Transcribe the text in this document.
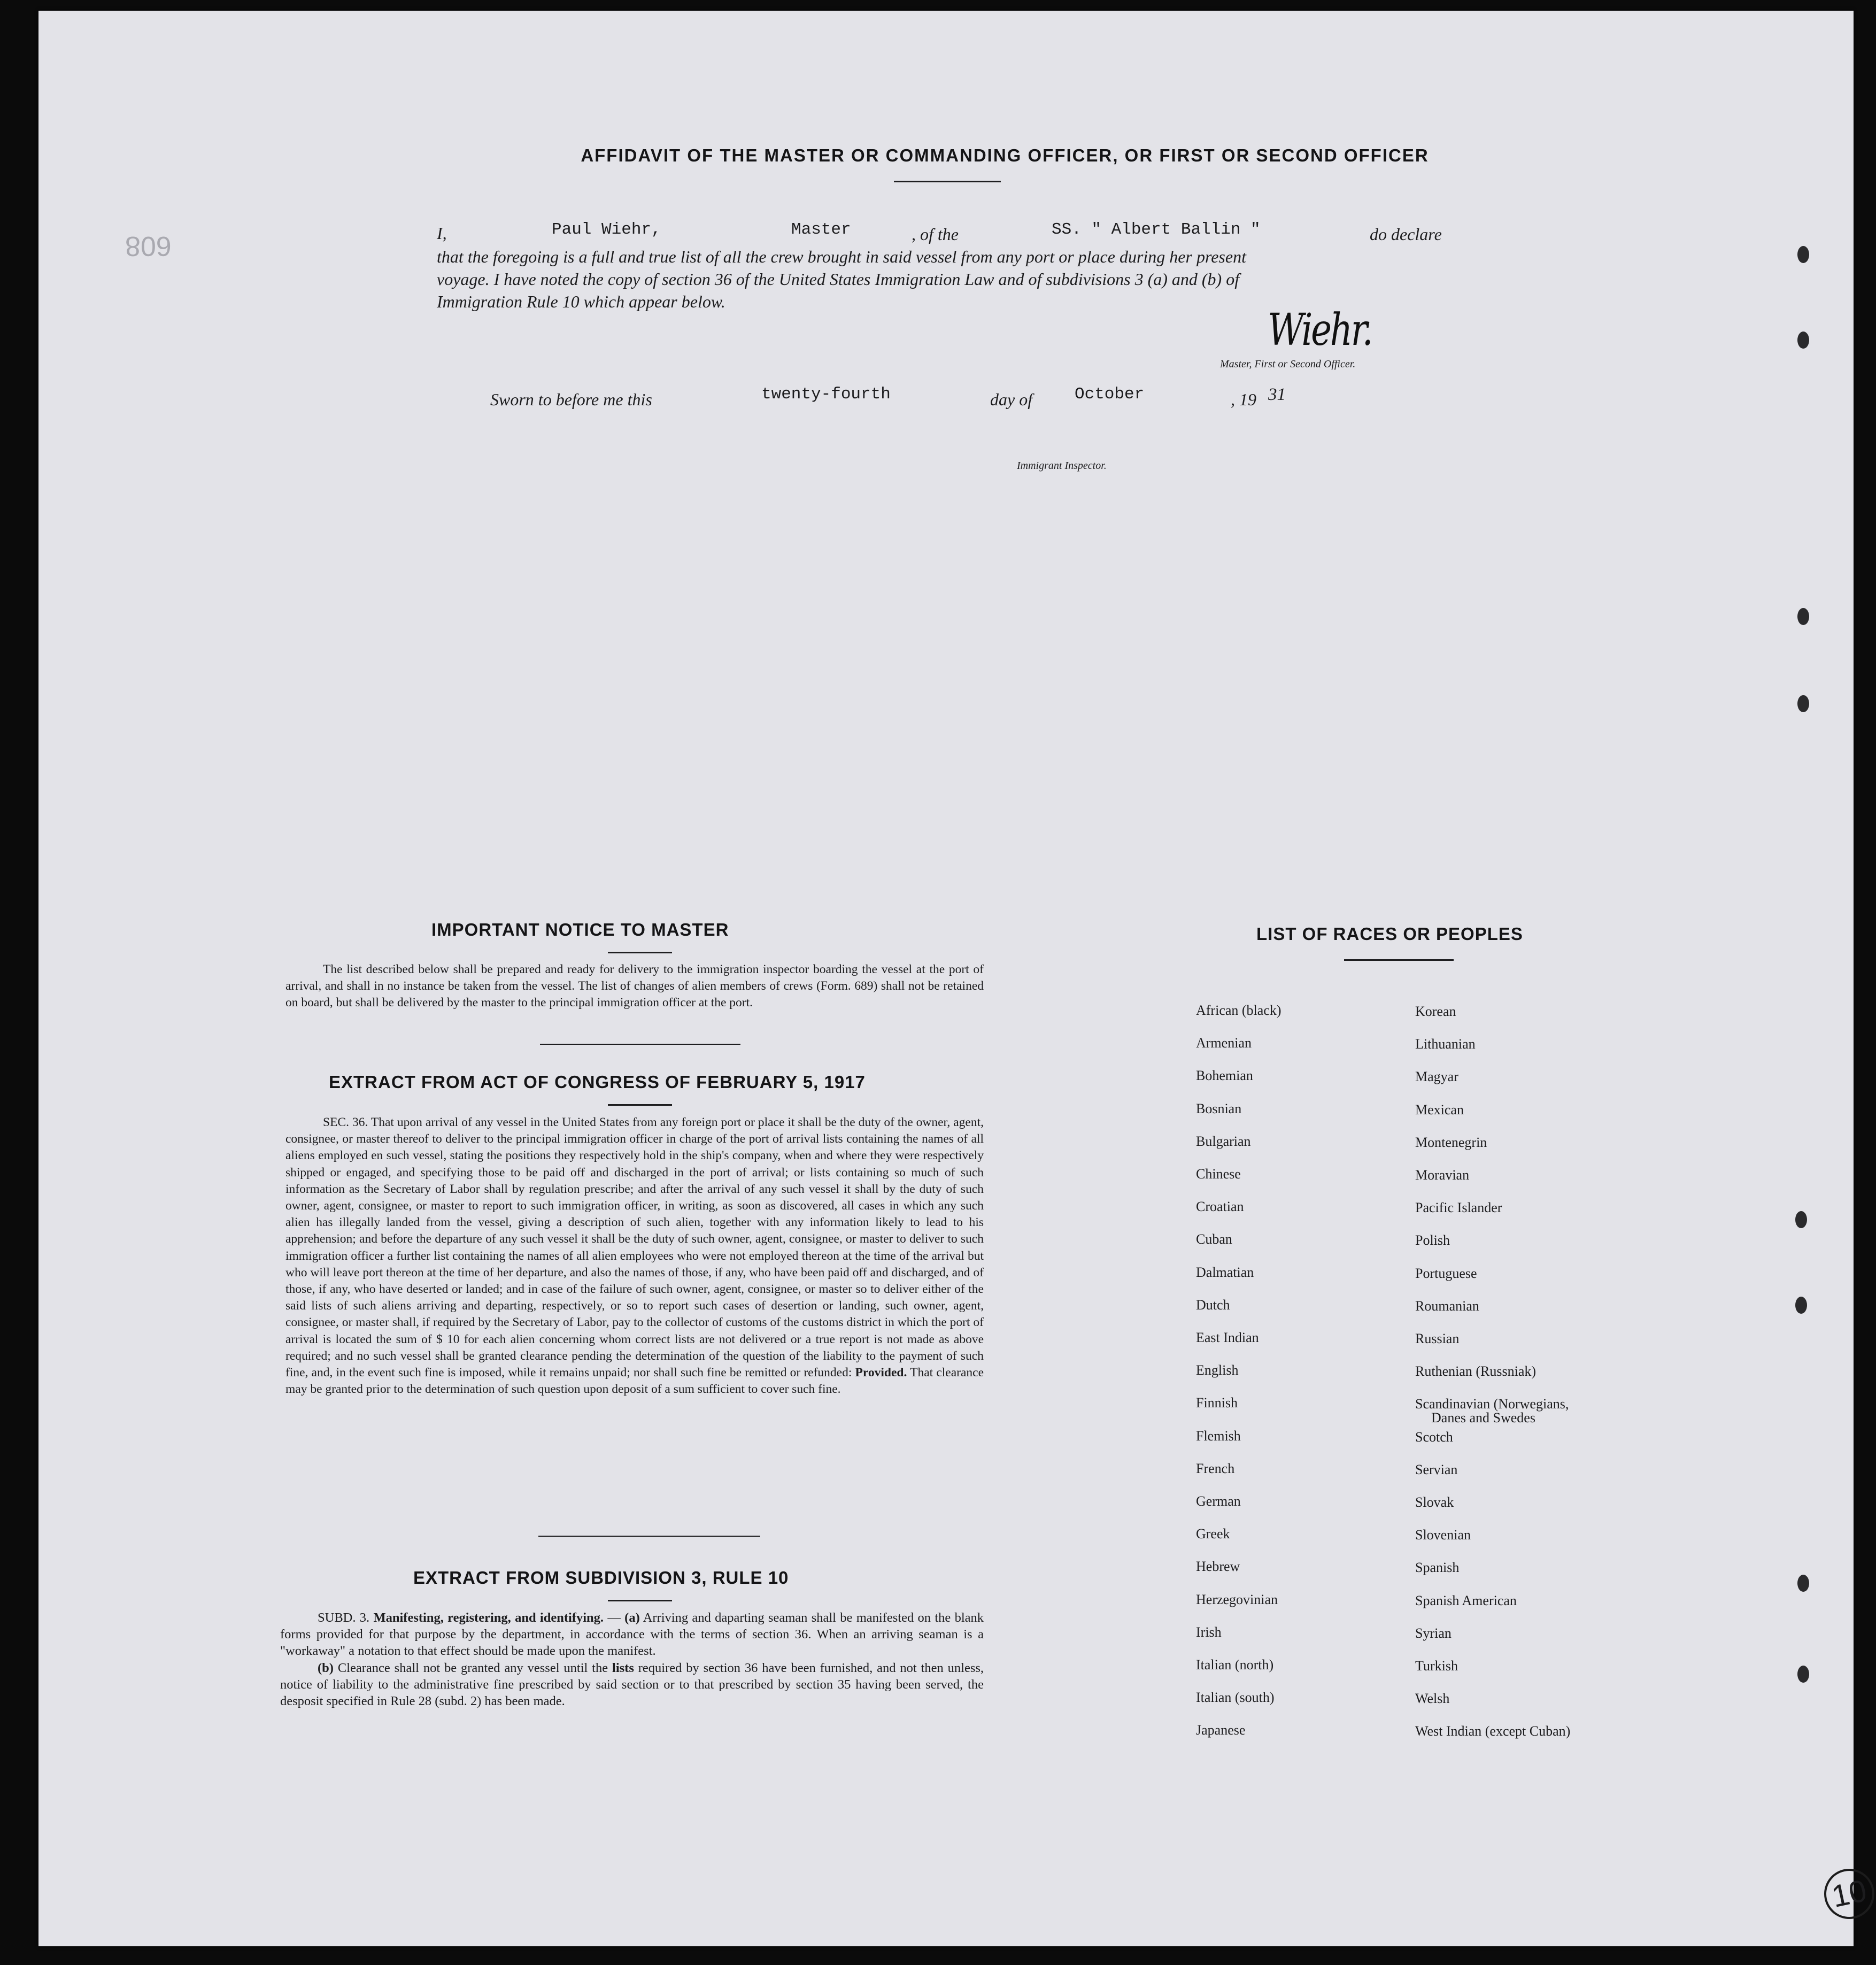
608
AFFIDAVIT OF THE MASTER OR COMMANDING OFFICER, OR FIRST OR SECOND OFFICER
I,	Paul Wiehr,	Master	, of the	SS. " Albert Ballin "	do declare
that the foregoing is a full and true list of all the crew brought in said vessel from any port or place during her present
voyage. I have noted the copy of section 36 of the United States Immigration Law and of subdivisions 3 (a) and (b) of
Immigration Rule 10 which appear below.
Wiehr.
Master, First or Second Officer.
Sworn to before me this	twenty-fourth	day of	October	, 19 31
Immigrant Inspector.
IMPORTANT NOTICE TO MASTER

The list described below shall be prepared and ready for delivery to the immigration inspector boarding the vessel at the port of arrival, and shall in no instance be taken from the vessel. The list of changes of alien members of crews (Form. 689) shall not be retained on board, but shall be delivered by the master to the principal immigration officer at the port.

EXTRACT FROM ACT OF CONGRESS OF FEBRUARY 5, 1917

SEC. 36. That upon arrival of any vessel in the United States from any foreign port or place it shall be the duty of the owner, agent, consignee, or master thereof to deliver to the principal immigration officer in charge of the port of arrival lists containing the names of all aliens employed en such vessel, stating the positions they respectively hold in the ship's company, when and where they were respectively shipped or engaged, and specifying those to be paid off and discharged in the port of arrival; or lists containing so much of such information as the Secretary of Labor shall by regulation prescribe; and after the arrival of any such vessel it shall by the duty of such owner, agent, consignee, or master to report to such immigration officer, in writing, as soon as discovered, all cases in which any such alien has illegally landed from the vessel, giving a description of such alien, together with any information likely to lead to his apprehension; and before the departure of any such vessel it shall be the duty of such owner, agent, consignee, or master to deliver to such immigration officer a further list containing the names of all alien employees who were not employed thereon at the time of the arrival but who will leave port thereon at the time of her departure, and also the names of those, if any, who have been paid off and discharged, and of those, if any, who have deserted or landed; and in case of the failure of such owner, agent, consignee, or master so to deliver either of the said lists of such aliens arriving and departing, respectively, or so to report such cases of desertion or landing, such owner, agent, consignee, or master shall, if required by the Secretary of Labor, pay to the collector of customs of the customs district in which the port of arrival is located the sum of $ 10 for each alien concerning whom correct lists are not delivered or a true report is not made as above required; and no such vessel shall be granted clearance pending the determination of the question of the liability to the payment of such fine, and, in the event such fine is imposed, while it remains unpaid; nor shall such fine be remitted or refunded: Provided. That clearance may be granted prior to the determination of such question upon deposit of a sum sufficient to cover such fine.

EXTRACT FROM SUBDIVISION 3, RULE 10

SUBD. 3. Manifesting, registering, and identifying. — (a) Arriving and daparting seaman shall be manifested on the blank forms provided for that purpose by the department, in accordance with the terms of section 36. When an arriving seaman is a "workaway" a notation to that effect should be made upon the manifest.

(b) Clearance shall not be granted any vessel until the lists required by section 36 have been furnished, and not then unless, notice of liability to the administrative fine prescribed by said section or to that prescribed by section 35 having been served, the desposit specified in Rule 28 (subd. 2) has been made.

LIST OF RACES OR PEOPLES
African (black)
Armenian
Bohemian
Bosnian
Bulgarian
Chinese
Croatian
Cuban
Dalmatian
Dutch
East Indian
English
Finnish
Flemish
French
German
Greek
Hebrew
Herzegovinian
Irish
Italian (north)
Italian (south)
Japanese
Korean
Lithuanian
Magyar
Mexican
Montenegrin
Moravian
Pacific Islander
Polish
Portuguese
Roumanian
Russian
Ruthenian (Russniak)
Scandinavian (Norwegians,
Danes and Swedes
Scotch
Servian
Slovak
Slovenian
Spanish
Spanish American
Syrian
Turkish
Welsh
West Indian (except Cuban)
10
